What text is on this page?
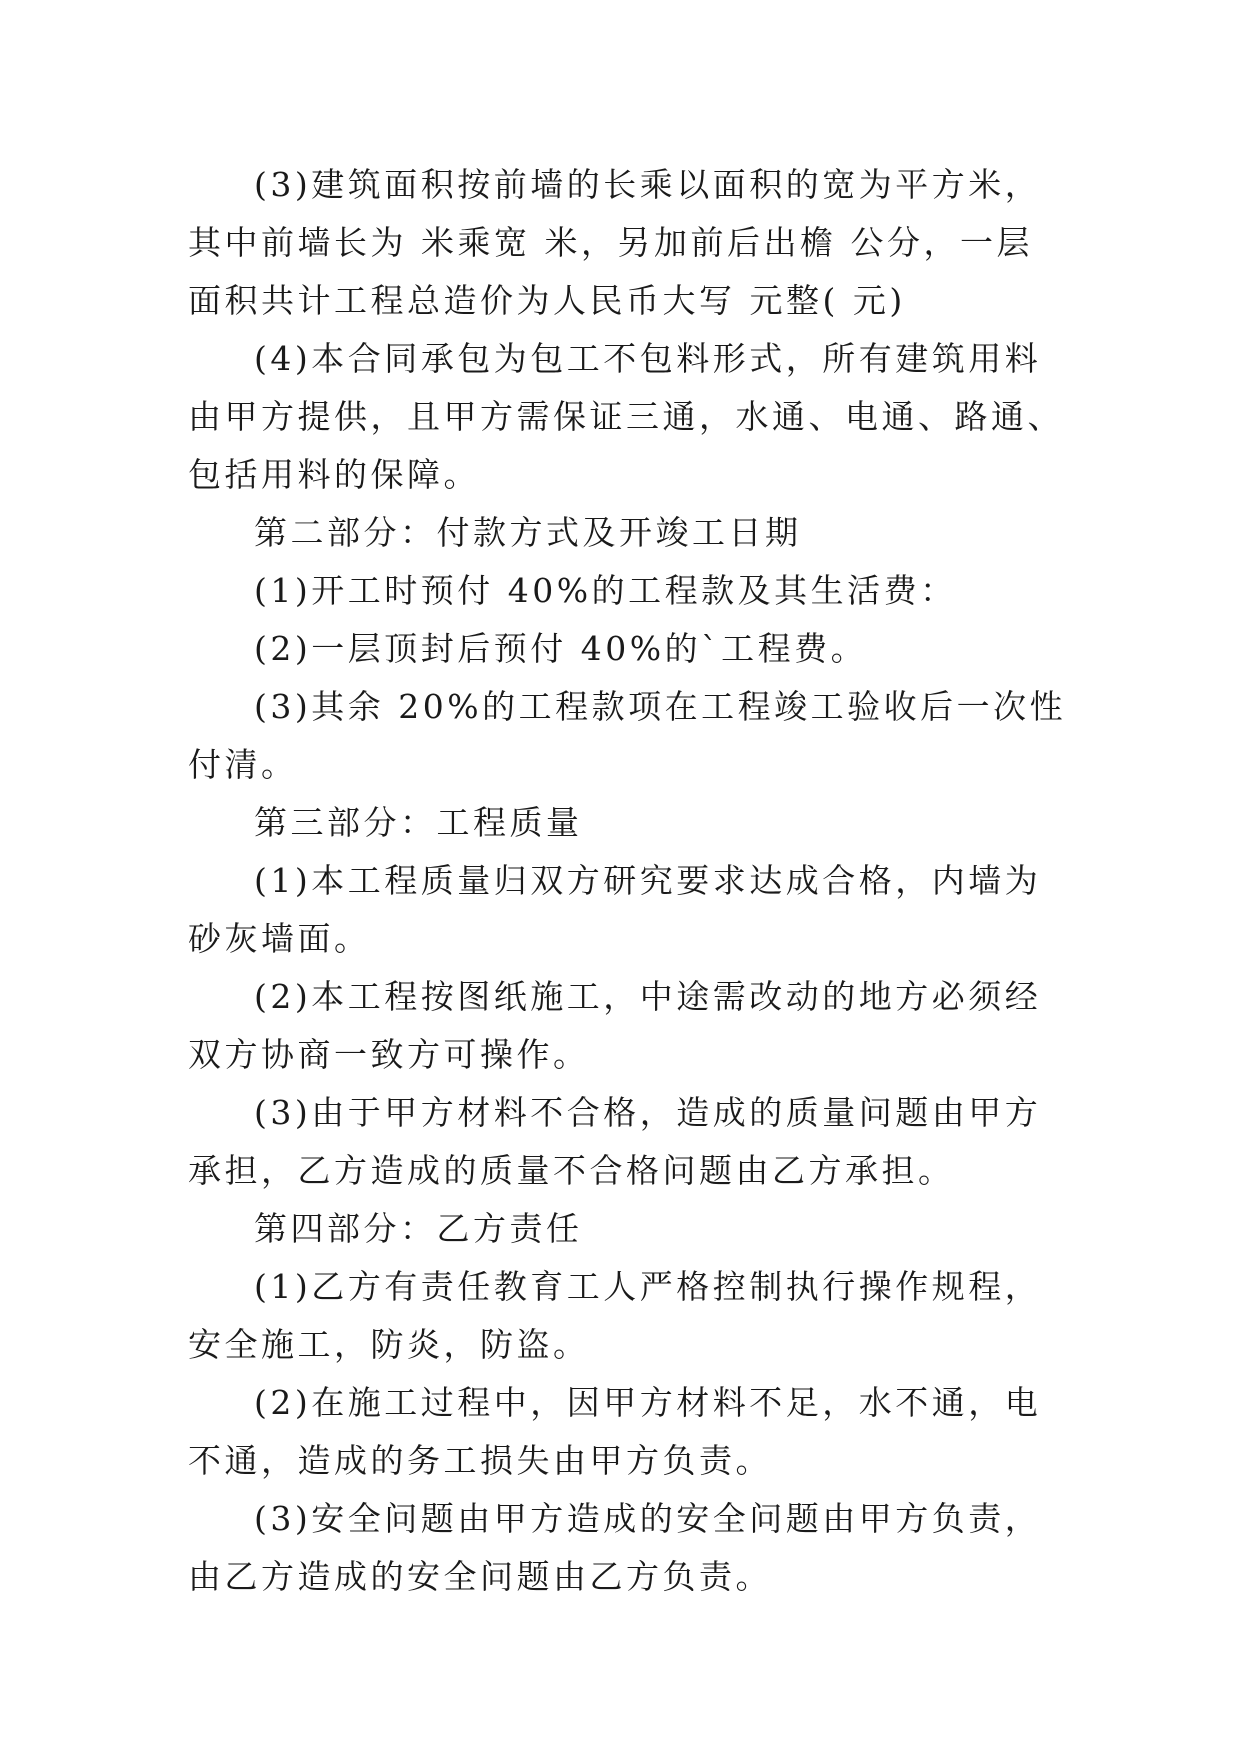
(3)建筑面积按前墙的长乘以面积的宽为平方米，其中前墙长为 米乘宽 米，另加前后出檐 公分，一层面积共计工程总造价为人民币大写 元整( 元)

(4)本合同承包为包工不包料形式，所有建筑用料由甲方提供，且甲方需保证三通，水通、电通、路通、包括用料的保障。

第二部分：付款方式及开竣工日期

(1)开工时预付 40%的工程款及其生活费：

(2)一层顶封后预付 40%的`工程费。

(3)其余 20%的工程款项在工程竣工验收后一次性付清。

第三部分：工程质量

(1)本工程质量归双方研究要求达成合格，内墙为砂灰墙面。

(2)本工程按图纸施工，中途需改动的地方必须经双方协商一致方可操作。

(3)由于甲方材料不合格，造成的质量问题由甲方承担，乙方造成的质量不合格问题由乙方承担。

第四部分：乙方责任

(1)乙方有责任教育工人严格控制执行操作规程，安全施工，防炎，防盗。

(2)在施工过程中，因甲方材料不足，水不通，电不通，造成的务工损失由甲方负责。

(3)安全问题由甲方造成的安全问题由甲方负责，由乙方造成的安全问题由乙方负责。
